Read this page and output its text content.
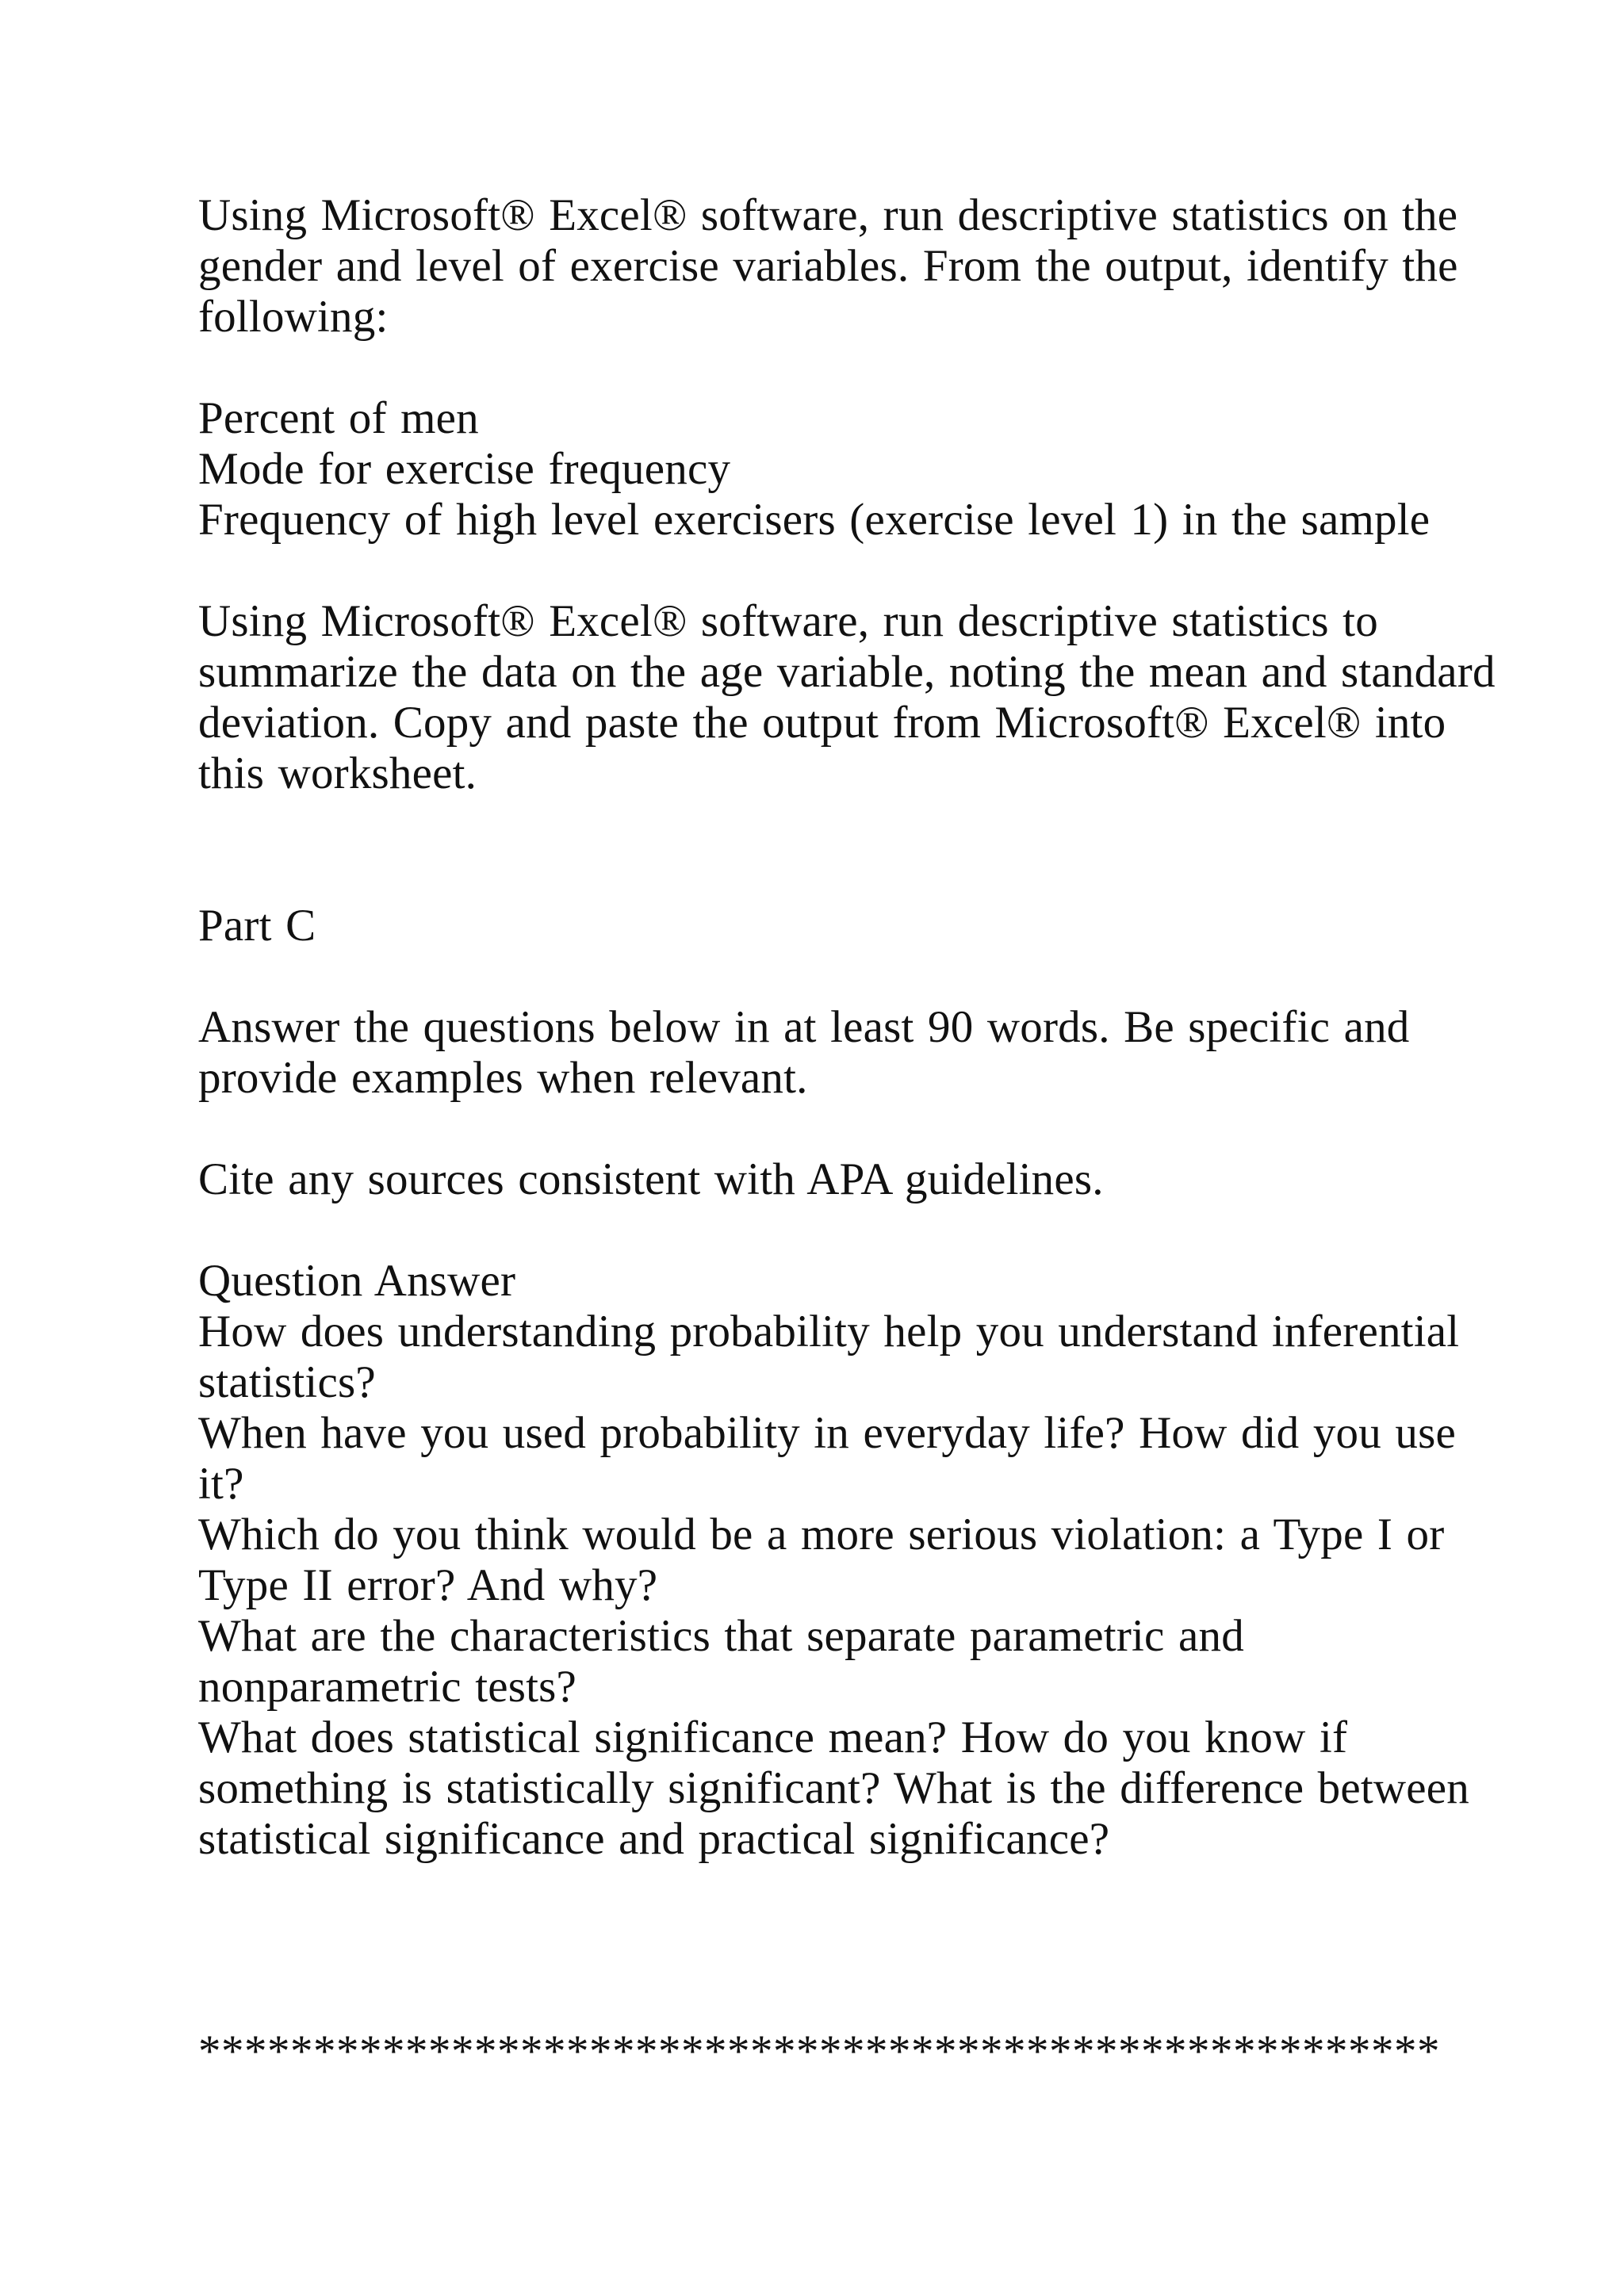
Using Microsoft® Excel® software, run descriptive statistics on the
gender and level of exercise variables. From the output, identify the
following:
Percent of men
Mode for exercise frequency
Frequency of high level exercisers (exercise level 1) in the sample
Using Microsoft® Excel® software, run descriptive statistics to
summarize the data on the age variable, noting the mean and standard
deviation. Copy and paste the output from Microsoft® Excel® into
this worksheet.
Part C
Answer the questions below in at least 90 words. Be specific and
provide examples when relevant.
Cite any sources consistent with APA guidelines.
Question Answer
How does understanding probability help you understand inferential
statistics?
When have you used probability in everyday life? How did you use
it?
Which do you think would be a more serious violation: a Type I or
Type II error? And why?
What are the characteristics that separate parametric and
nonparametric tests?
What does statistical significance mean? How do you know if
something is statistically significant? What is the difference between
statistical significance and practical significance?
******************************************************
